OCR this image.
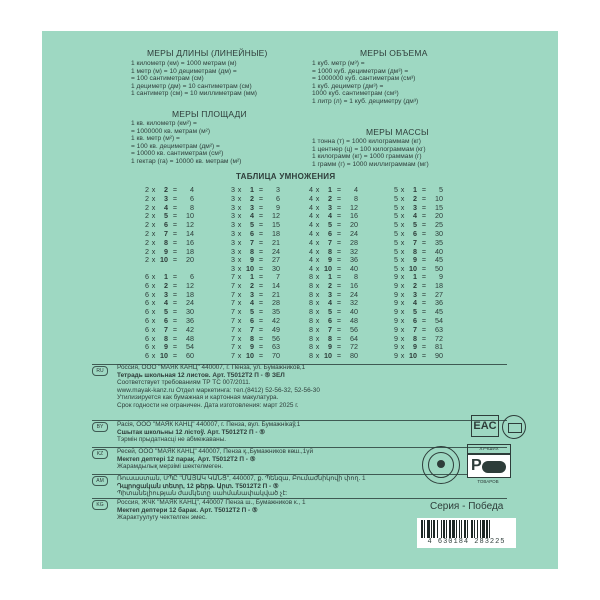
МЕРЫ ДЛИНЫ (ЛИНЕЙНЫЕ)
1 километр (км) = 1000 метрам (м)
1 метр (м) = 10 дециметрам (дм) =
= 100 сантиметрам (см)
1 дециметр (дм) = 10 сантиметрам (см)
1 сантиметр (см) = 10 миллиметрам (мм)
МЕРЫ ОБЪЕМА
1 куб. метр (м³) =
= 1000 куб. дециметрам (дм³) =
= 1000000 куб. сантиметрам (см³)
1 куб. дециметр (дм³) =
1000 куб. сантиметрам (см³)
1 литр (л) = 1 куб. дециметру (дм³)
МЕРЫ ПЛОЩАДИ
1 кв. километр (км²) =
= 1000000 кв. метрам (м²)
1 кв. метр (м²) =
= 100 кв. дециметрам (дм²) =
= 10000 кв. сантиметрам (см²)
1 гектар (га) = 10000 кв. метрам (м²)
МЕРЫ МАССЫ
1 тонна (т) = 1000 килограммам (кг)
1 центнер (ц) = 100 килограммам (кг)
1 килограмм (кг) = 1000 граммам (г)
1 грамм (г) = 1000 миллиграммам (мг)
ТАБЛИЦА УМНОЖЕНИЯ
2 x	2 =	4
2 x	3 =	6
2 x	4 =	8
2 x	5 =	10
2 x	6 =	12
2 x	7 =	14
2 x	8 =	16
2 x	9 =	18
2 x 10 =	20
3 x	1 =	3
3 x	2 =	6
3 x	3 =	9
3 x	4 =	12
3 x	5 =	15
3 x	6 =	18
3 x	7 =	21
3 x	8 =	24
3 x	9 =	27
3 x 10 =	30
4 x	1 =	4
4 x	2 =	8
4 x	3 =	12
4 x	4 =	16
4 x	5 =	20
4 x	6 =	24
4 x	7 =	28
4 x	8 =	32
4 x	9 =	36
4 x 10 =	40
5 x	1 =	5
5 x	2 =	10
5 x	3 =	15
5 x	4 =	20
5 x	5 =	25
5 x	6 =	30
5 x	7 =	35
5 x	8 =	40
5 x	9 =	45
5 x 10 =	50
6 x	1 =	6
6 x	2 =	12
6 x	3 =	18
6 x	4 =	24
6 x	5 =	30
6 x	6 =	36
6 x	7 =	42
6 x	8 =	48
6 x	9 =	54
6 x 10 =	60
7 x	1 =	7
7 x	2 =	14
7 x	3 =	21
7 x	4 =	28
7 x	5 =	35
7 x	6 =	42
7 x	7 =	49
7 x	8 =	56
7 x	9 =	63
7 x 10 =	70
8 x	1 =	8
8 x	2 =	16
8 x	3 =	24
8 x	4 =	32
8 x	5 =	40
8 x	6 =	48
8 x	7 =	56
8 x	8 =	64
8 x	9 =	72
8 x 10 =	80
9 x	1 =	9
9 x	2 =	18
9 x	3 =	27
9 x	4 =	36
9 x	5 =	45
9 x	6 =	54
9 x	7 =	63
9 x	8 =	72
9 x	9 =	81
9 x 10 =	90
RU	Россия, ООО "МАЯК КАНЦ" 440007, г. Пенза, ул. Бумажников,1
Тетрадь школьная 12 листов. Арт. Т5012Т2 П - ⑤ ЗЕЛ
Соответствует требованиям ТР ТС 007/2011.
www.mayak-kanz.ru Отдел маркетинга: тел.(8412) 52-56-32, 52-56-30
Утилизируется как бумажная и картонная макулатура.
Срок годности не ограничен. Дата изготовления: март 2025 г.
BY	Расія, ООО "МАЯК КАНЦ" 440007, г. Пенза, вул. Бумажнікаў,1
Сшытак школьны 12 лістоў. Арт. Т5012Т2 П - ⑤
Тэрмін прыдатнасці не абмежаваны.
KZ	Ресей, ООО "МАЯК КАНЦ" 440007, Пенза қ.,Бумажников көш.,1үй
Мектеп дептері 12 парақ. Арт. Т5012Т2 П - ⑤
Жарамдылық мерзімі шектелмеген.
AM	Ռուսաստան, ՍՊԸ "ՄԱՅԱԿ ԿԱՆՑ", 440007, ք. Պենզա, Բումաժնիկովի փող. 1
Դպրոցական տետր, 12 թերթ. Արտ. Т5012Т2 П - ⑤
Պիտանելիության ժամկետը սահմանափակված չէ:
KG	Россия, ЖЧК "МАЯК КАНЦ", 440007 Пенза ш., Бумажников к., 1
Мектеп дептери 12 барак. Арт. Т5012Т2 П - ⑤
Жарактуулугу чектелген эмес.
EAC
ЛУЧШИХ
Р
ТОВАРОВ
Серия - Победа
4 630184 283225
